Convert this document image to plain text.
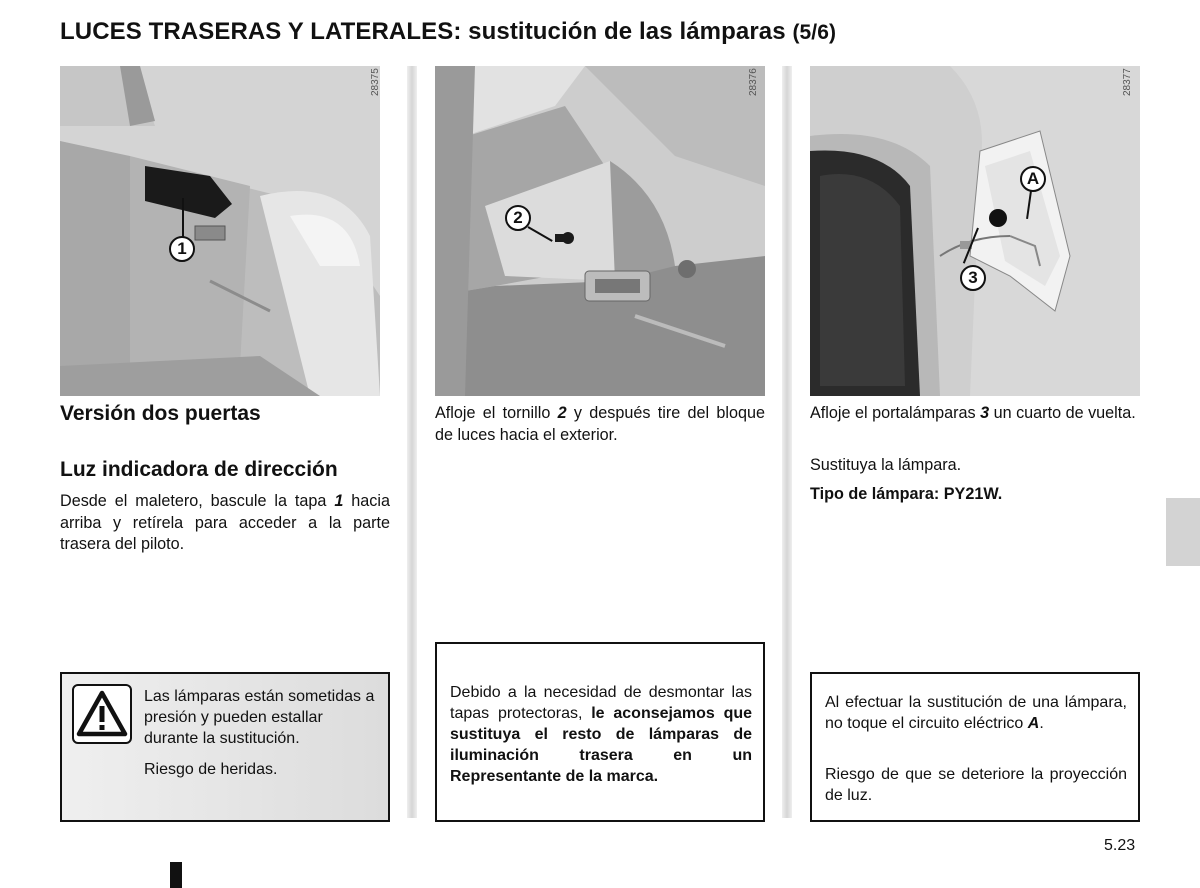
LUCES TRASERAS Y LATERALES: sustitución de las lámparas (5/6)
28375
1
28376
2
28377
A
3
Versión dos puertas
Luz indicadora de dirección

Desde el maletero, bascule la tapa 1 hacia arriba y retírela para acceder a la parte trasera del piloto.

Afloje el tornillo 2 y después tire del bloque de luces hacia el exterior.

Afloje el portalámparas 3 un cuarto de vuelta.

Sustituya la lámpara.

Tipo de lámpara: PY21W.

Las lámparas están sometidas a presión y pueden estallar durante la sustitución.

Riesgo de heridas.

Debido a la necesidad de desmontar las tapas protectoras, le aconsejamos que sustituya el resto de lámparas de iluminación trasera en un Representante de la marca.

Al efectuar la sustitución de una lámpara, no toque el circuito eléctrico A.

Riesgo de que se deteriore la proyección de luz.

5.23
